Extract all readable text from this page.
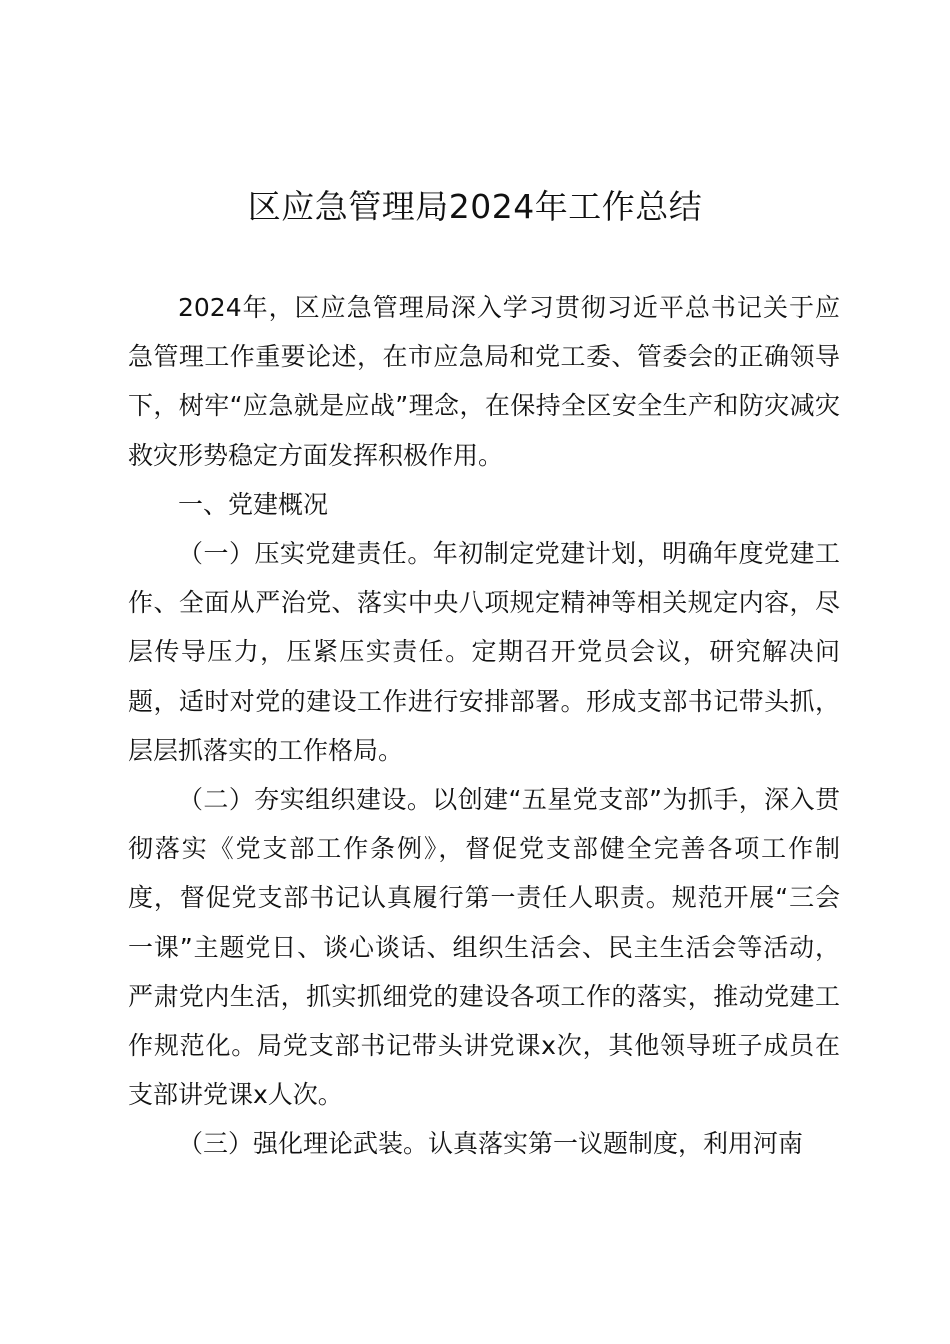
区应急管理局2024年工作总结

2024年，区应急管理局深入学习贯彻习近平总书记关于应急管理工作重要论述，在市应急局和党工委、管委会的正确领导下，树牢“应急就是应战”理念，在保持全区安全生产和防灾减灾救灾形势稳定方面发挥积极作用。

一、党建概况

（一）压实党建责任。年初制定党建计划，明确年度党建工作、全面从严治党、落实中央八项规定精神等相关规定内容，尽层传导压力，压紧压实责任。定期召开党员会议，研究解决问题，适时对党的建设工作进行安排部署。形成支部书记带头抓，层层抓落实的工作格局。

（二）夯实组织建设。以创建“五星党支部”为抓手，深入贯彻落实《党支部工作条例》，督促党支部健全完善各项工作制度，督促党支部书记认真履行第一责任人职责。规范开展“三会一课”主题党日、谈心谈话、组织生活会、民主生活会等活动，严肃党内生活，抓实抓细党的建设各项工作的落实，推动党建工作规范化。局党支部书记带头讲党课x次，其他领导班子成员在支部讲党课x人次。

（三）强化理论武装。认真落实第一议题制度，利用河南
